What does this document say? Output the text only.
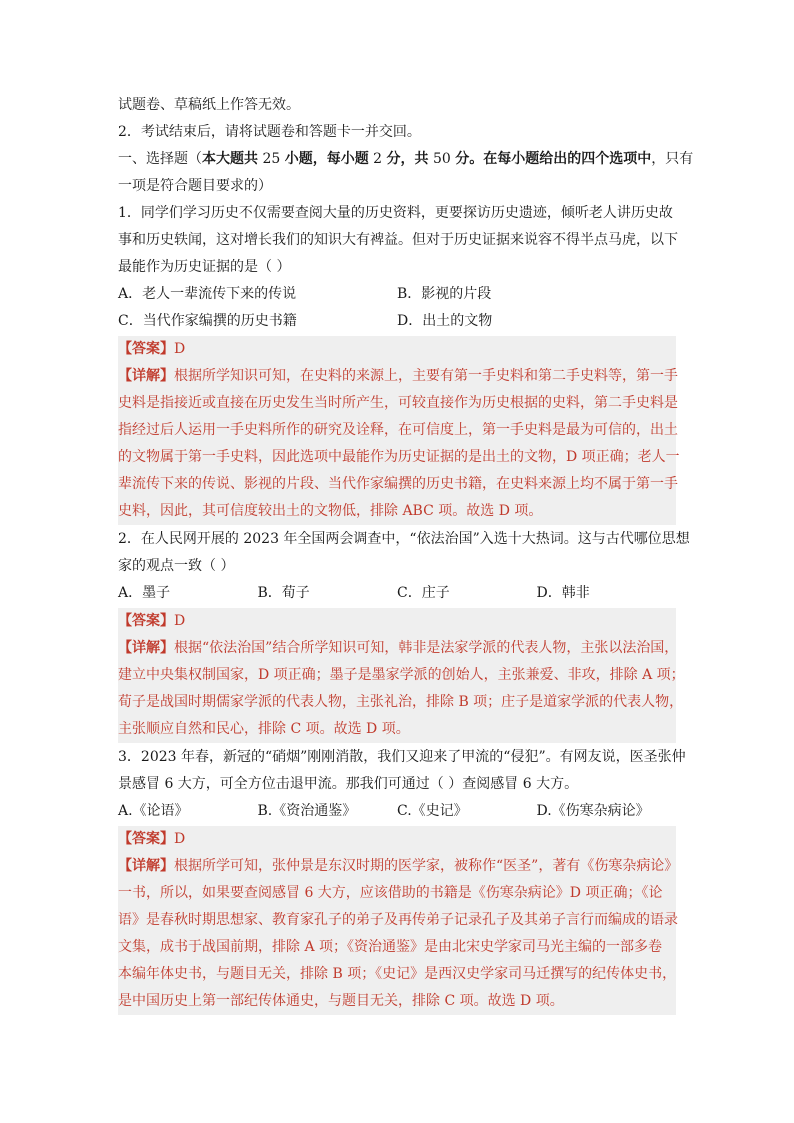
试题卷、草稿纸上作答无效。
2．考试结束后，请将试题卷和答题卡一并交回。
一、选择题（本大题共 25 小题，每小题 2 分，共 50 分。在每小题给出的四个选项中，只有
一项是符合题目要求的）
1．同学们学习历史不仅需要查阅大量的历史资料，更要探访历史遗迹，倾听老人讲历史故
事和历史轶闻，这对增长我们的知识大有裨益。但对于历史证据来说容不得半点马虎，以下
最能作为历史证据的是（ ）
A．老人一辈流传下来的传说	B．影视的片段
C．当代作家编撰的历史书籍	D．出土的文物
【答案】D
【详解】根据所学知识可知，在史料的来源上，主要有第一手史料和第二手史料等，第一手
史料是指接近或直接在历史发生当时所产生，可较直接作为历史根据的史料，第二手史料是
指经过后人运用一手史料所作的研究及诠释，在可信度上，第一手史料是最为可信的，出土
的文物属于第一手史料，因此选项中最能作为历史证据的是出土的文物，D 项正确；老人一
辈流传下来的传说、影视的片段、当代作家编撰的历史书籍，在史料来源上均不属于第一手
史料，因此，其可信度较出土的文物低，排除 ABC 项。故选 D 项。
2．在人民网开展的 2023 年全国两会调查中，“依法治国”入选十大热词。这与古代哪位思想
家的观点一致（ ）
A．墨子	B．荀子	C．庄子	D．韩非
【答案】D
【详解】根据“依法治国”结合所学知识可知，韩非是法家学派的代表人物，主张以法治国，
建立中央集权制国家，D 项正确；墨子是墨家学派的创始人，主张兼爱、非攻，排除 A 项；
荀子是战国时期儒家学派的代表人物，主张礼治，排除 B 项；庄子是道家学派的代表人物，
主张顺应自然和民心，排除 C 项。故选 D 项。
3．2023 年春，新冠的“硝烟”刚刚消散，我们又迎来了甲流的“侵犯”。有网友说，医圣张仲
景感冒 6 大方，可全方位击退甲流。那我们可通过（ ）查阅感冒 6 大方。
A.《论语》	B.《资治通鉴》	C.《史记》	D.《伤寒杂病论》
【答案】D
【详解】根据所学可知，张仲景是东汉时期的医学家，被称作“医圣”，著有《伤寒杂病论》
一书，所以，如果要查阅感冒 6 大方，应该借助的书籍是《伤寒杂病论》D 项正确；《论
语》是春秋时期思想家、教育家孔子的弟子及再传弟子记录孔子及其弟子言行而编成的语录
文集，成书于战国前期，排除 A 项；《资治通鉴》是由北宋史学家司马光主编的一部多卷
本编年体史书，与题目无关，排除 B 项；《史记》是西汉史学家司马迁撰写的纪传体史书，
是中国历史上第一部纪传体通史，与题目无关，排除 C 项。故选 D 项。
